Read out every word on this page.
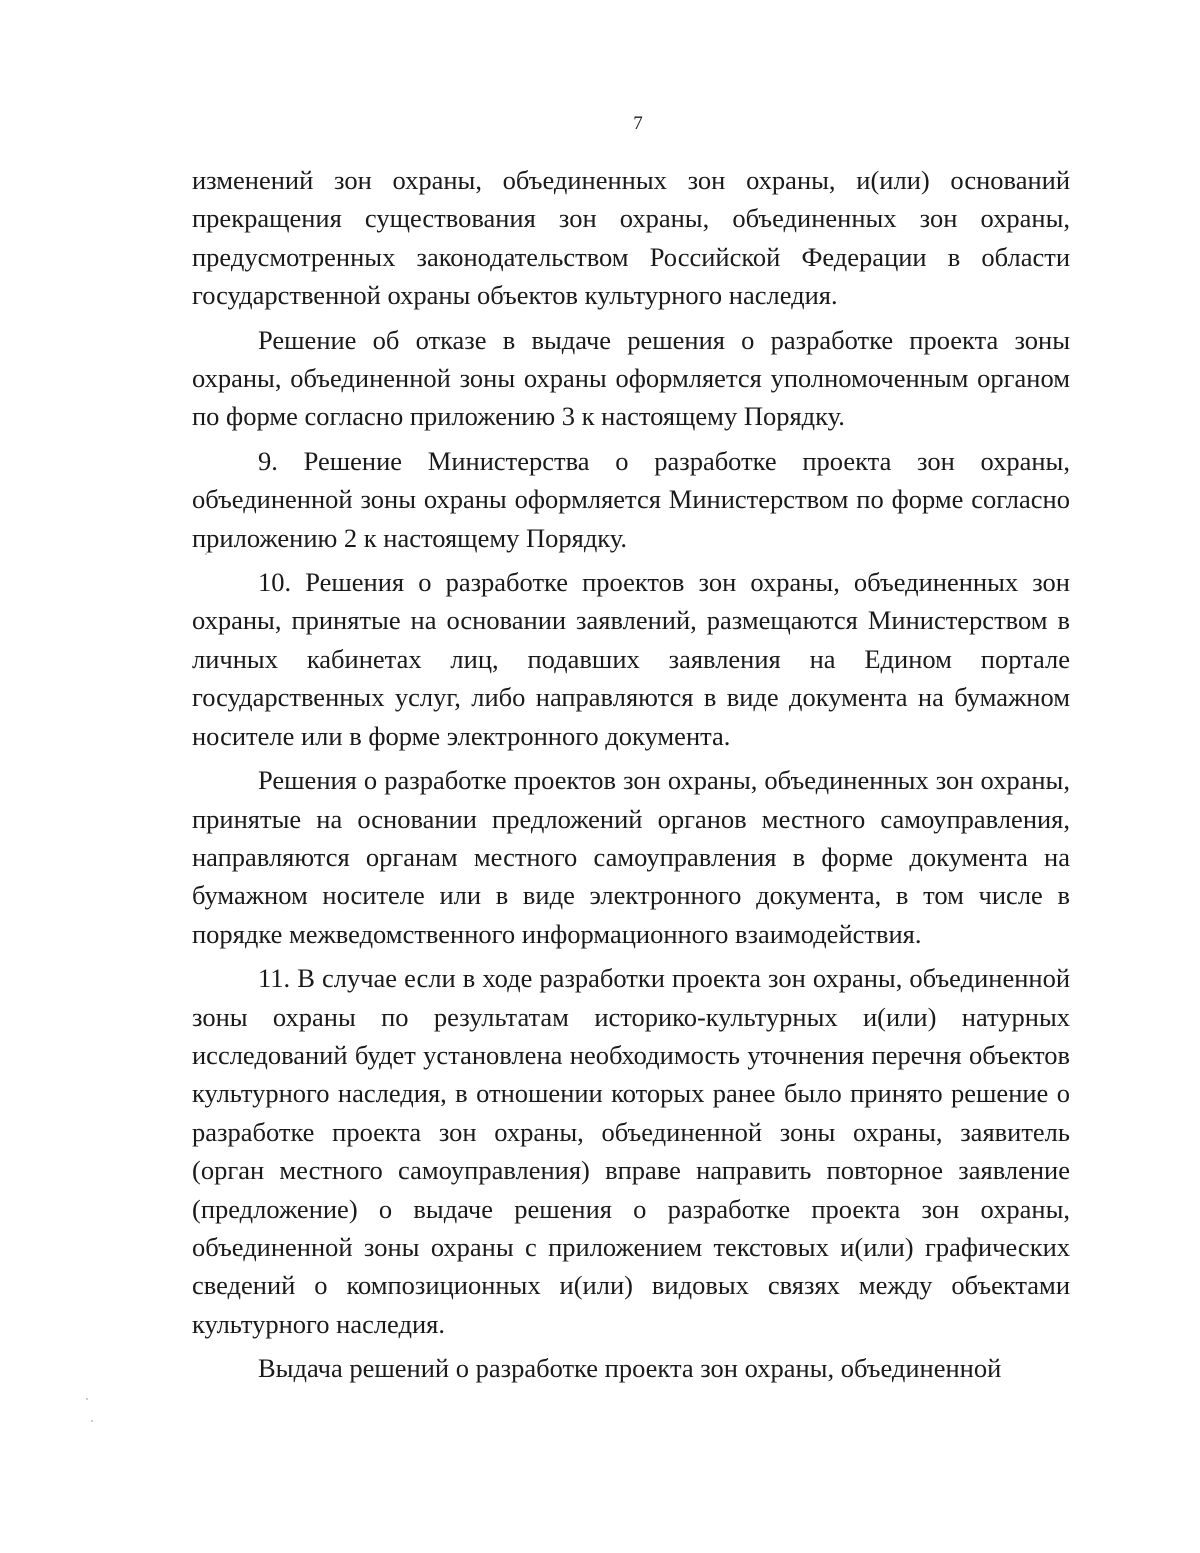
7

изменений зон охраны, объединенных зон охраны, и(или) оснований прекращения существования зон охраны, объединенных зон охраны, предусмотренных законодательством Российской Федерации в области государственной охраны объектов культурного наследия.

Решение об отказе в выдаче решения о разработке проекта зоны охраны, объединенной зоны охраны оформляется уполномоченным органом по форме согласно приложению 3 к настоящему Порядку.

9. Решение Министерства о разработке проекта зон охраны, объединенной зоны охраны оформляется Министерством по форме согласно приложению 2 к настоящему Порядку.

10. Решения о разработке проектов зон охраны, объединенных зон охраны, принятые на основании заявлений, размещаются Министерством в личных кабинетах лиц, подавших заявления на Едином портале государственных услуг, либо направляются в виде документа на бумажном носителе или в форме электронного документа.

Решения о разработке проектов зон охраны, объединенных зон охраны, принятые на основании предложений органов местного самоуправления, направляются органам местного самоуправления в форме документа на бумажном носителе или в виде электронного документа, в том числе в порядке межведомственного информационного взаимодействия.

11. В случае если в ходе разработки проекта зон охраны, объединенной зоны охраны по результатам историко-культурных и(или) натурных исследований будет установлена необходимость уточнения перечня объектов культурного наследия, в отношении которых ранее было принято решение о разработке проекта зон охраны, объединенной зоны охраны, заявитель (орган местного самоуправления) вправе направить повторное заявление (предложение) о выдаче решения о разработке проекта зон охраны, объединенной зоны охраны с приложением текстовых и(или) графических сведений о композиционных и(или) видовых связях между объектами культурного наследия.

Выдача решений о разработке проекта зон охраны, объединенной
